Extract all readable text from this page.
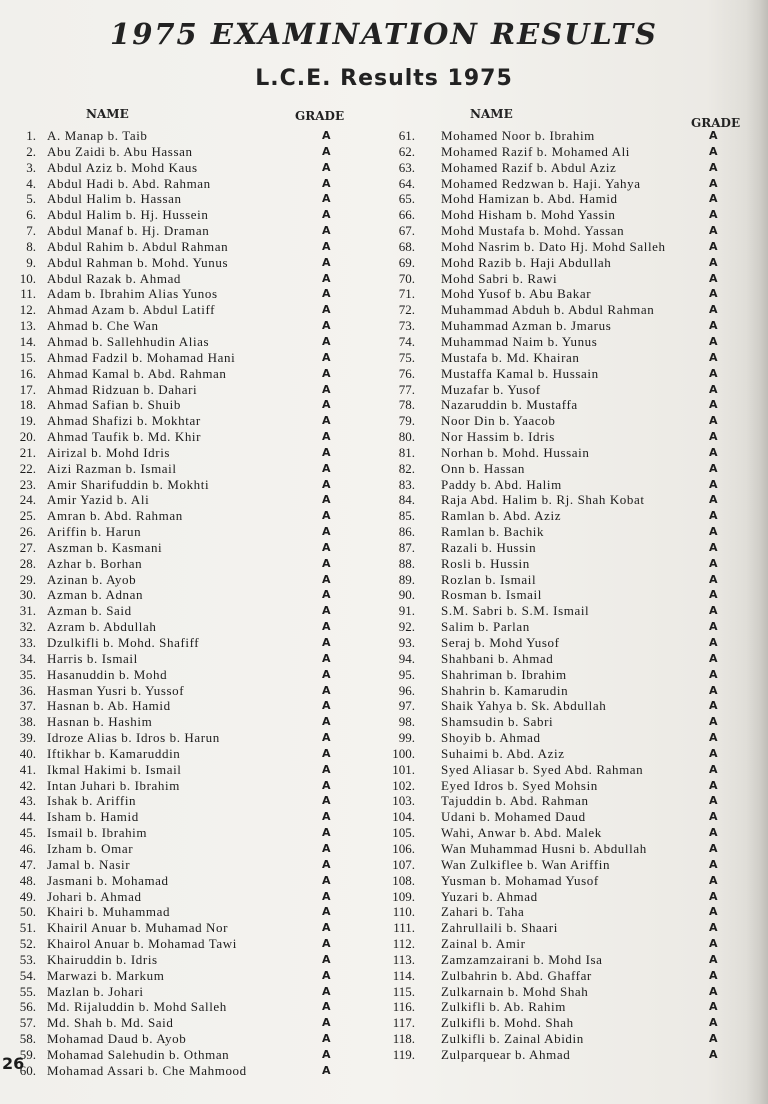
1975 EXAMINATION RESULTS
L.C.E. Results 1975
NAME	GRADE	NAME
GRADE
1. A. Manap b. Taib	A
2. Abu Zaidi b. Abu Hassan	A
3. Abdul Aziz b. Mohd Kaus	A
4. Abdul Hadi b. Abd. Rahman	A
5. Abdul Halim b. Hassan	A
6. Abdul Halim b. Hj. Hussein	A
7. Abdul Manaf b. Hj. Draman	A
8. Abdul Rahim b. Abdul Rahman	A
9. Abdul Rahman b. Mohd. Yunus	A
10. Abdul Razak b. Ahmad	A
11. Adam b. Ibrahim Alias Yunos	A
12. Ahmad Azam b. Abdul Latiff	A
13. Ahmad b. Che Wan	A
14. Ahmad b. Sallehhudin Alias	A
15. Ahmad Fadzil b. Mohamad Hani	A
16. Ahmad Kamal b. Abd. Rahman	A
17. Ahmad Ridzuan b. Dahari	A
18. Ahmad Safian b. Shuib	A
19. Ahmad Shafizi b. Mokhtar	A
20. Ahmad Taufik b. Md. Khir	A
21. Airizal b. Mohd Idris	A
22. Aizi Razman b. Ismail	A
23. Amir Sharifuddin b. Mokhti	A
24. Amir Yazid b. Ali	A
25. Amran b. Abd. Rahman	A
26. Ariffin b. Harun	A
27. Aszman b. Kasmani	A
28. Azhar b. Borhan	A
29. Azinan b. Ayob	A
30. Azman b. Adnan	A
31. Azman b. Said	A
32. Azram b. Abdullah	A
33. Dzulkifli b. Mohd. Shafiff	A
34. Harris b. Ismail	A
35. Hasanuddin b. Mohd	A
36. Hasman Yusri b. Yussof	A
37. Hasnan b. Ab. Hamid	A
38. Hasnan b. Hashim	A
39. Idroze Alias b. Idros b. Harun	A
40. Iftikhar b. Kamaruddin	A
41. Ikmal Hakimi b. Ismail	A
42. Intan Juhari b. Ibrahim	A
43. Ishak b. Ariffin	A
44. Isham b. Hamid	A
45. Ismail b. Ibrahim	A
46. Izham b. Omar	A
47. Jamal b. Nasir	A
48. Jasmani b. Mohamad	A
49. Johari b. Ahmad	A
50. Khairi b. Muhammad	A
51. Khairil Anuar b. Muhamad Nor	A
52. Khairol Anuar b. Mohamad Tawi	A
53. Khairuddin b. Idris	A
54. Marwazi b. Markum	A
55. Mazlan b. Johari	A
56. Md. Rijaluddin b. Mohd Salleh	A
57. Md. Shah b. Md. Said	A
58. Mohamad Daud b. Ayob	A
59. Mohamad Salehudin b. Othman	A
60. Mohamad Assari b. Che Mahmood	A
61. Mohamed Noor b. Ibrahim	A
62. Mohamed Razif b. Mohamed Ali	A
63. Mohamed Razif b. Abdul Aziz	A
64. Mohamed Redzwan b. Haji. Yahya	A
65. Mohd Hamizan b. Abd. Hamid	A
66. Mohd Hisham b. Mohd Yassin	A
67. Mohd Mustafa b. Mohd. Yassan	A
68. Mohd Nasrim b. Dato Hj. Mohd Salleh	A
69. Mohd Razib b. Haji Abdullah	A
70. Mohd Sabri b. Rawi	A
71. Mohd Yusof b. Abu Bakar	A
72. Muhammad Abduh b. Abdul Rahman	A
73. Muhammad Azman b. Jmarus	A
74. Muhammad Naim b. Yunus	A
75. Mustafa b. Md. Khairan	A
76. Mustaffa Kamal b. Hussain	A
77. Muzafar b. Yusof	A
78. Nazaruddin b. Mustaffa	A
79. Noor Din b. Yaacob	A
80. Nor Hassim b. Idris	A
81. Norhan b. Mohd. Hussain	A
82. Onn b. Hassan	A
83. Paddy b. Abd. Halim	A
84. Raja Abd. Halim b. Rj. Shah Kobat	A
85. Ramlan b. Abd. Aziz	A
86. Ramlan b. Bachik	A
87. Razali b. Hussin	A
88. Rosli b. Hussin	A
89. Rozlan b. Ismail	A
90. Rosman b. Ismail	A
91. S.M. Sabri b. S.M. Ismail	A
92. Salim b. Parlan	A
93. Seraj b. Mohd Yusof	A
94. Shahbani b. Ahmad	A
95. Shahriman b. Ibrahim	A
96. Shahrin b. Kamarudin	A
97. Shaik Yahya b. Sk. Abdullah	A
98. Shamsudin b. Sabri	A
99. Shoyib b. Ahmad	A
100. Suhaimi b. Abd. Aziz	A
101. Syed Aliasar b. Syed Abd. Rahman	A
102. Eyed Idros b. Syed Mohsin	A
103. Tajuddin b. Abd. Rahman	A
104. Udani b. Mohamed Daud	A
105. Wahi, Anwar b. Abd. Malek	A
106. Wan Muhammad Husni b. Abdullah	A
107. Wan Zulkiflee b. Wan Ariffin	A
108. Yusman b. Mohamad Yusof	A
109. Yuzari b. Ahmad	A
110. Zahari b. Taha	A
111. Zahrullaili b. Shaari	A
112. Zainal b. Amir	A
113. Zamzamzairani b. Mohd Isa	A
114. Zulbahrin b. Abd. Ghaffar	A
115. Zulkarnain b. Mohd Shah	A
116. Zulkifli b. Ab. Rahim	A
117. Zulkifli b. Mohd. Shah	A
118. Zulkifli b. Zainal Abidin	A
119. Zulparquear b. Ahmad	A
26
